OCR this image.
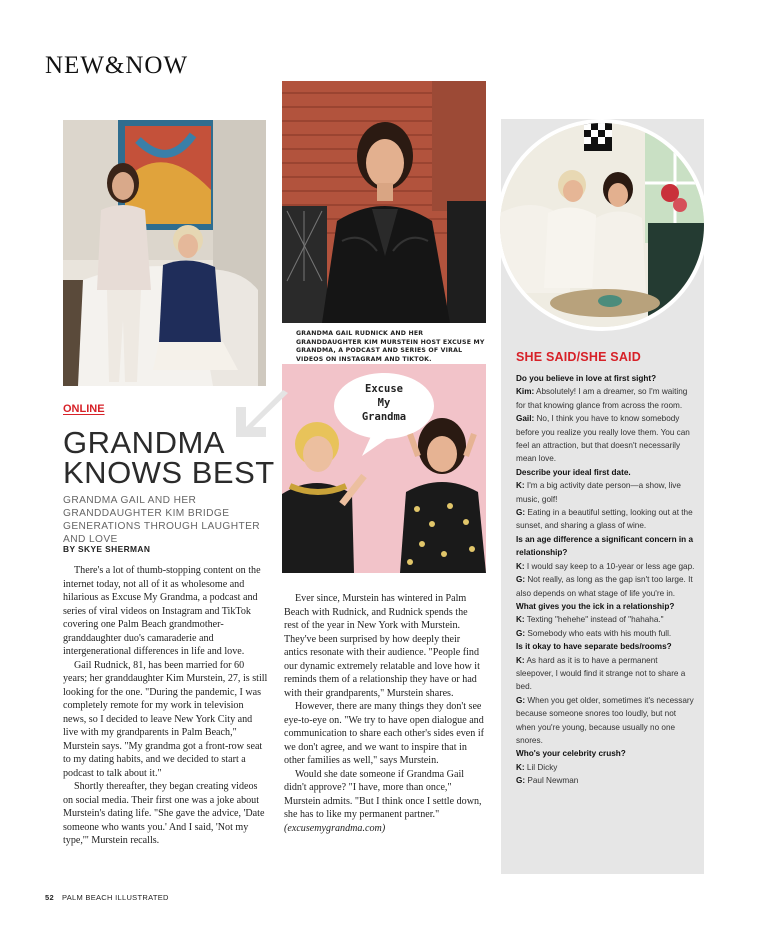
NEW&NOW
GRANDMA GAIL RUDNICK AND HER GRANDDAUGHTER KIM MURSTEIN HOST EXCUSE MY GRANDMA, A PODCAST AND SERIES OF VIRAL VIDEOS ON INSTAGRAM AND TIKTOK.
Excuse
My
Grandma
SHE SAID/SHE SAID
Do you believe in love at first sight?
Kim: Absolutely! I am a dreamer, so I'm waiting for that knowing glance from across the room.
Gail: No, I think you have to know somebody before you realize you really love them. You can feel an attraction, but that doesn't necessarily mean love.
Describe your ideal first date.
K: I'm a big activity date person—a show, live music, golf!
G: Eating in a beautiful setting, looking out at the sunset, and sharing a glass of wine.
Is an age difference a significant concern in a relationship?
K: I would say keep to a 10-year or less age gap.
G: Not really, as long as the gap isn't too large. It also depends on what stage of life you're in.
What gives you the ick in a relationship?
K: Texting "hehehe" instead of "hahaha."
G: Somebody who eats with his mouth full.
Is it okay to have separate beds/rooms?
K: As hard as it is to have a permanent sleepover, I would find it strange not to share a bed.
G: When you get older, sometimes it's necessary because someone snores too loudly, but not when you're young, because usually no one snores.
Who's your celebrity crush?
K: Lil Dicky
G: Paul Newman
ONLINE
GRANDMA
KNOWS BEST
GRANDMA GAIL AND HER GRANDDAUGHTER KIM BRIDGE GENERATIONS THROUGH LAUGHTER AND LOVE
BY SKYE SHERMAN

There's a lot of thumb-stopping content on the internet today, not all of it as wholesome and hilarious as Excuse My Grandma, a podcast and series of viral videos on Instagram and TikTok covering one Palm Beach grandmother-granddaughter duo's camaraderie and intergenerational differences in life and love.

Gail Rudnick, 81, has been married for 60 years; her granddaughter Kim Murstein, 27, is still looking for the one. "During the pandemic, I was completely remote for my work in television news, so I decided to leave New York City and live with my grandparents in Palm Beach," Murstein says. "My grandma got a front-row seat to my dating habits, and we decided to start a podcast to talk about it."

Shortly thereafter, they began creating videos on social media. Their first one was a joke about Murstein's dating life. "She gave the advice, 'Date someone who wants you.' And I said, 'Not my type,'" Murstein recalls.

Ever since, Murstein has wintered in Palm Beach with Rudnick, and Rudnick spends the rest of the year in New York with Murstein. They've been surprised by how deeply their antics resonate with their audience. "People find our dynamic extremely relatable and love how it reminds them of a relationship they have or had with their grandparents," Murstein shares.

However, there are many things they don't see eye-to-eye on. "We try to have open dialogue and communication to share each other's sides even if we don't agree, and we want to inspire that in other families as well," says Murstein.

Would she date someone if Grandma Gail didn't approve? "I have, more than once," Murstein admits. "But I think once I settle down, she has to like my permanent partner."

(excusemygrandma.com)

52 PALM BEACH ILLUSTRATED
